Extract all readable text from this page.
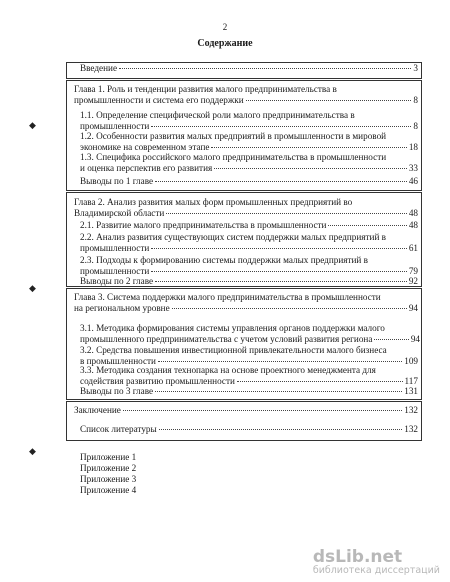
2
Содержание
Введение	3
Глава 1. Роль и тенденции развития малого предпринимательства в
промышленности и система его поддержки	8
1.1. Определение специфической роли малого предпринимательства в
промышленности	8
1.2. Особенности развития малых предприятий в промышленности в мировой
экономике на современном этапе	18
1.3. Специфика российского малого предпринимательства в промышленности
и оценка перспектив его развития	33
Выводы по 1 главе	46
Глава 2. Анализ развития малых форм промышленных предприятий во
Владимирской области	48
2.1. Развитие малого предпринимательства в промышленности	48
2.2. Анализ развития существующих систем поддержки малых предприятий в
промышленности	61
2.3. Подходы к формированию системы поддержки малых предприятий в
промышленности	79
Выводы по 2 главе	92
Глава 3. Система поддержки малого предпринимательства в промышленности
на региональном уровне	94
3.1. Методика формирования системы управления органов поддержки малого
промышленного предпринимательства с учетом условий развития региона	94
3.2. Средства повышения инвестиционной привлекательности малого бизнеса
в промышленности	109
3.3. Методика создания технопарка на основе проектного менеджмента для
содействия развитию промышленности	117
Выводы по 3 главе	131
Заключение	132
Список литературы	132
Приложение 1
Приложение 2
Приложение 3
Приложение 4
◆
◆
◆
dsLib.net
библиотека диссертаций
